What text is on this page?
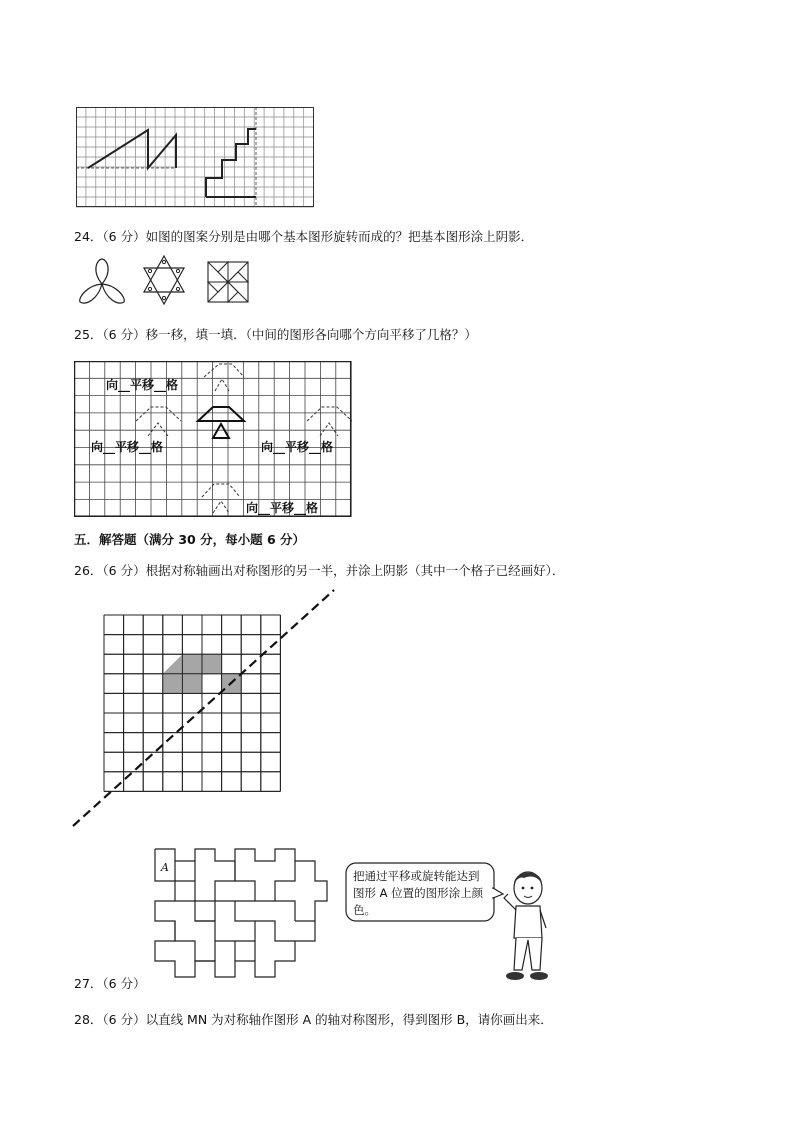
24．（6 分）如图的图案分别是由哪个基本图形旋转而成的？把基本图形涂上阴影．
25．（6 分）移一移，填一填．（中间的图形各向哪个方向平移了几格？）
向__平移__格
向__平移__格	向__平移__格
向__平移__格
五．解答题（满分 30 分，每小题 6 分）
26．（6 分）根据对称轴画出对称图形的另一半，并涂上阴影（其中一个格子已经画好）．
A
把通过平移或旋转能达到图形 A 位置的图形涂上颜色。
27．（6 分）
28．（6 分）以直线 MN 为对称轴作图形 A 的轴对称图形，得到图形 B，请你画出来．
